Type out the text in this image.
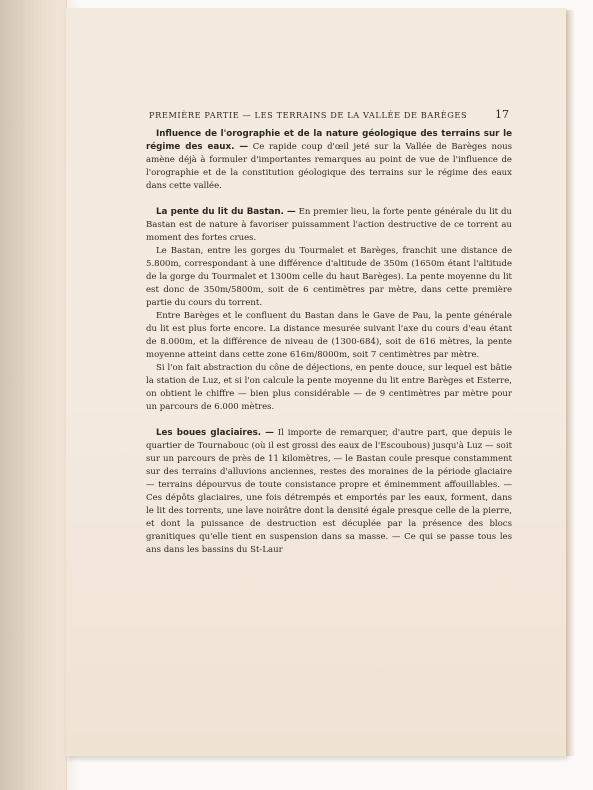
PREMIÈRE PARTIE — LES TERRAINS DE LA VALLÉE DE BARÈGES	17

Influence de l'orographie et de la nature géologique des terrains sur le régime des eaux. — Ce rapide coup d'œil jeté sur la Vallée de Barèges nous amène déjà à formuler d'importantes remarques au point de vue de l'influence de l'orographie et de la constitution géologique des terrains sur le régime des eaux dans cette vallée.

La pente du lit du Bastan. — En premier lieu, la forte pente générale du lit du Bastan est de nature à favoriser puissamment l'action destructive de ce torrent au moment des fortes crues.

Le Bastan, entre les gorges du Tourmalet et Barèges, franchit une distance de 5.800m, correspondant à une différence d'altitude de 350m (1650m étant l'altitude de la gorge du Tourmalet et 1300m celle du haut Barèges). La pente moyenne du lit est donc de 350m/5800m, soit de 6 centimètres par mètre, dans cette première partie du cours du torrent.

Entre Barèges et le confluent du Bastan dans le Gave de Pau, la pente générale du lit est plus forte encore. La distance mesurée suivant l'axe du cours d'eau étant de 8.000m, et la différence de niveau de (1300-684), soit de 616 mètres, la pente moyenne atteint dans cette zone 616m/8000m, soit 7 centimètres par mètre.

Si l'on fait abstraction du cône de déjections, en pente douce, sur lequel est bâtie la station de Luz, et si l'on calcule la pente moyenne du lit entre Barèges et Esterre, on obtient le chiffre — bien plus considérable — de 9 centimètres par mètre pour un parcours de 6.000 mètres.

Les boues glaciaires. — Il importe de remarquer, d'autre part, que depuis le quartier de Tournabouc (où il est grossi des eaux de l'Escoubous) jusqu'à Luz — soit sur un parcours de près de 11 kilomètres, — le Bastan coule presque constamment sur des terrains d'alluvions anciennes, restes des moraines de la période glaciaire — terrains dépourvus de toute consistance propre et éminemment affouillables. — Ces dépôts glaciaires, une fois détrempés et emportés par les eaux, forment, dans le lit des torrents, une lave noirâtre dont la densité égale presque celle de la pierre, et dont la puissance de destruction est décuplée par la présence des blocs granitiques qu'elle tient en suspension dans sa masse. — Ce qui se passe tous les ans dans les bassins du St-Laur
